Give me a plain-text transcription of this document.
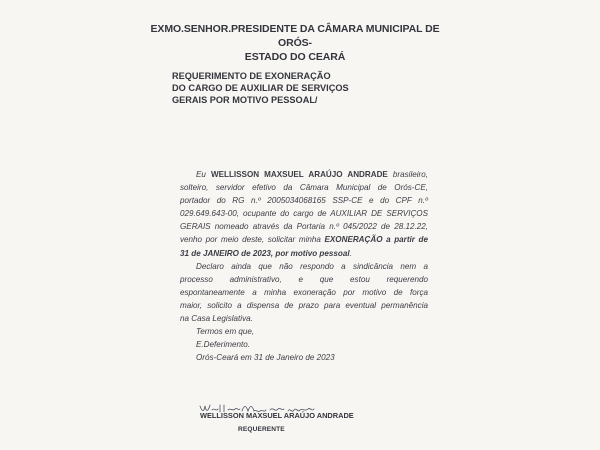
EXMO.SENHOR.PRESIDENTE DA CÂMARA MUNICIPAL DE ORÓS-
ESTADO DO CEARÁ
REQUERIMENTO DE EXONERAÇÃO
DO CARGO DE AUXILIAR DE SERVIÇOS
GERAIS POR MOTIVO PESSOAL/
Eu WELLISSON MAXSUEL ARAÚJO ANDRADE brasileiro,
solteiro, servidor efetivo da Câmara Municipal de Orós-CE,
portador do RG n.º 20050340681​65 SSP-CE e do CPF n.º
029.649.643-00, ocupante do cargo de AUXILIAR DE SERVIÇOS
GERAIS nomeado através da Portaria n.º 045/2022 de 28.12.22,
venho por meio deste, solicitar minha EXONERAÇÃO a partir de
31 de JANEIRO de 2023, por motivo pessoal.
Declaro ainda que não respondo a sindicância nem a
processo administrativo, e que estou requerendo
espontaneamente a minha exoneração por motivo de força
maior, solicito a dispensa de prazo para eventual permanência
na Casa Legislativa.
Termos em que,
E.Deferimento.
Orós-Ceará em 31 de Janeiro de 2023
WELLISSON MAXSUEL ARAÚJO ANDRADE
REQUERENTE
